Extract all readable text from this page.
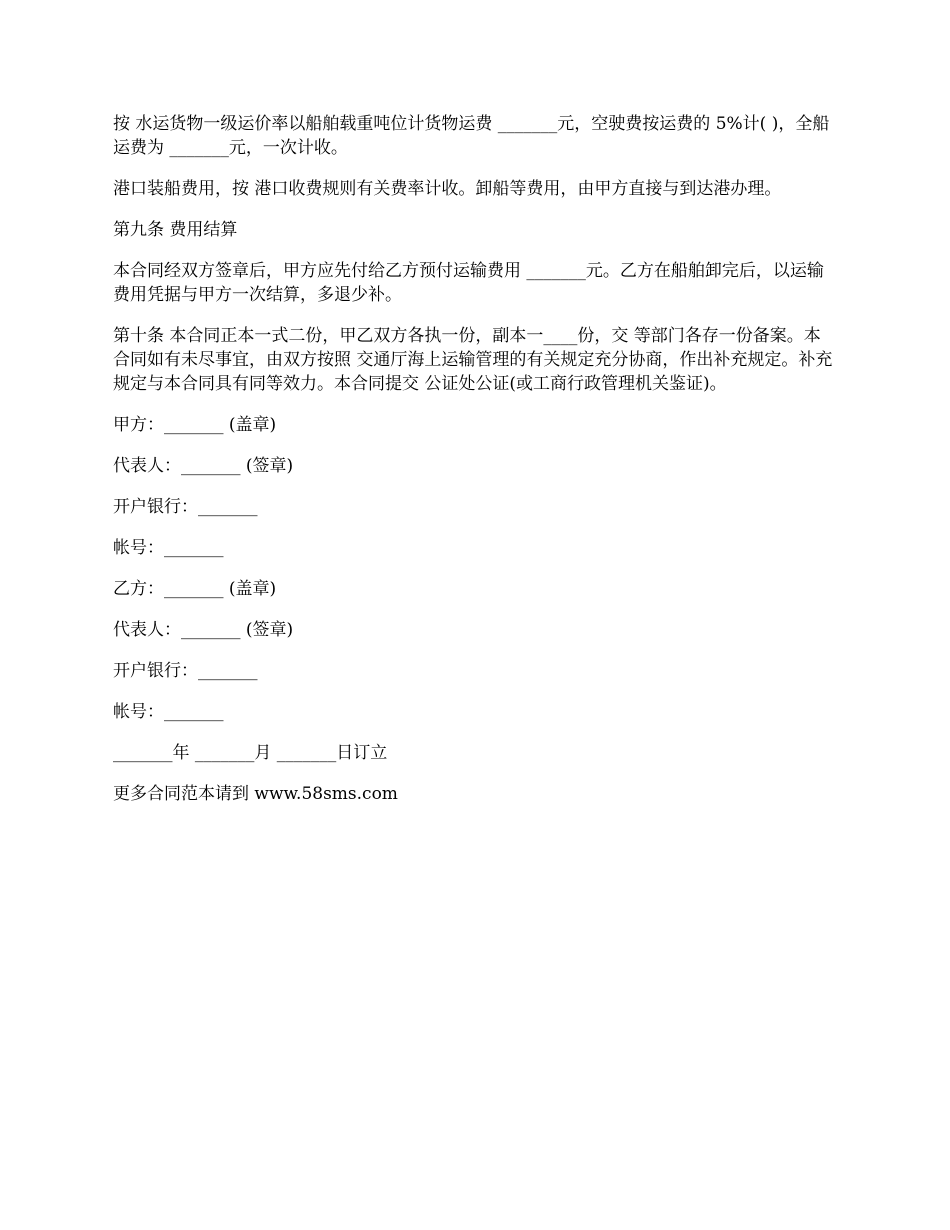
按 水运货物一级运价率以船舶载重吨位计货物运费 _______元，空驶费按运费的 5%计( )，全船运费为 _______元，一次计收。

港口装船费用，按 港口收费规则有关费率计收。卸船等费用，由甲方直接与到达港办理。

第九条 费用结算

本合同经双方签章后，甲方应先付给乙方预付运输费用 _______元。乙方在船舶卸完后，以运输费用凭据与甲方一次结算，多退少补。

第十条 本合同正本一式二份，甲乙双方各执一份，副本一____份，交 等部门各存一份备案。本合同如有未尽事宜，由双方按照 交通厅海上运输管理的有关规定充分协商，作出补充规定。补充规定与本合同具有同等效力。本合同提交 公证处公证(或工商行政管理机关鉴证)。

甲方：_______ (盖章)
代表人：_______ (签章)
开户银行：_______
帐号：_______
乙方：_______ (盖章)
代表人：_______ (签章)
开户银行：_______
帐号：_______
_______年 _______月 _______日订立
更多合同范本请到 www.58sms.com
